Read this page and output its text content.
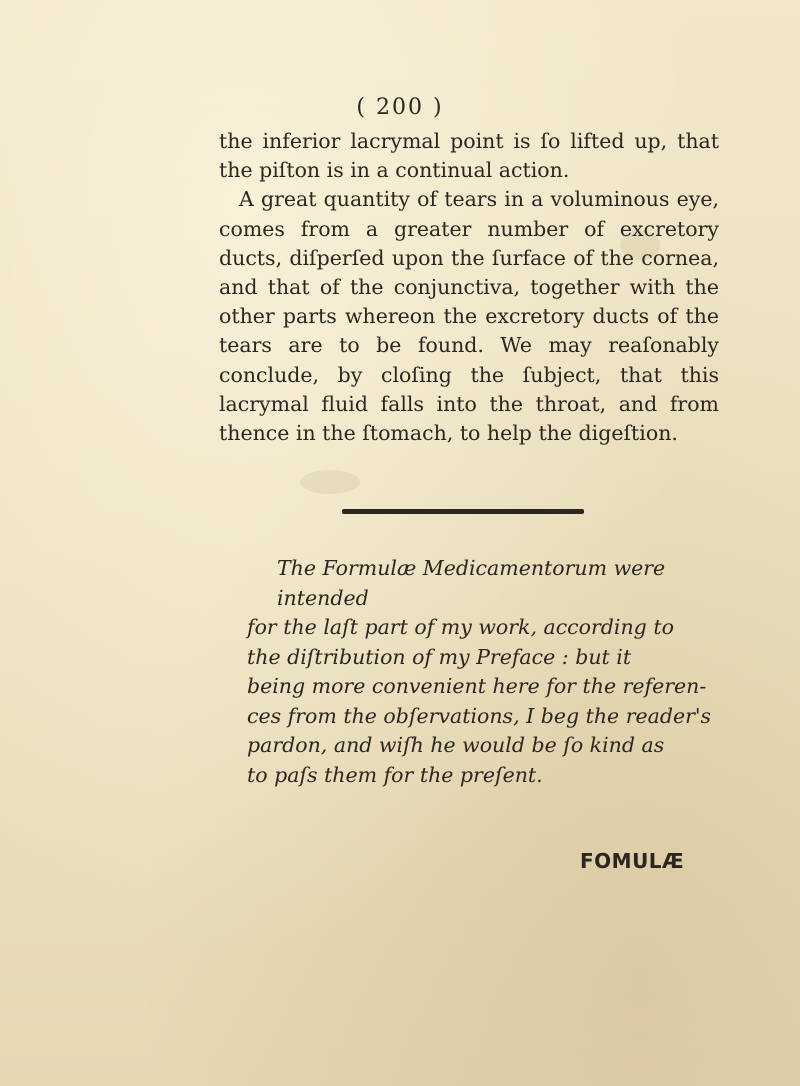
( 200 )

the inferior lacrymal point is ſo lifted up, that the piſton is in a continual action.

A great quantity of tears in a voluminous eye, comes from a greater number of excretory ducts, diſperſed upon the ſurface of the cornea, and that of the conjunctiva, together with the other parts whereon the excretory ducts of the tears are to be found. We may reaſonably conclude, by cloſing the ſubject, that this lacrymal fluid falls into the throat, and from thence in the ſtomach, to help the digeſtion.

The Formulæ Medicamentorum were intended
for the laſt part of my work, according to
the diſtribution of my Preface : but it
being more convenient here for the referen-
ces from the obſervations, I beg the reader's
pardon, and wiſh he would be ſo kind as
to paſs them for the preſent.
FOMULÆ
